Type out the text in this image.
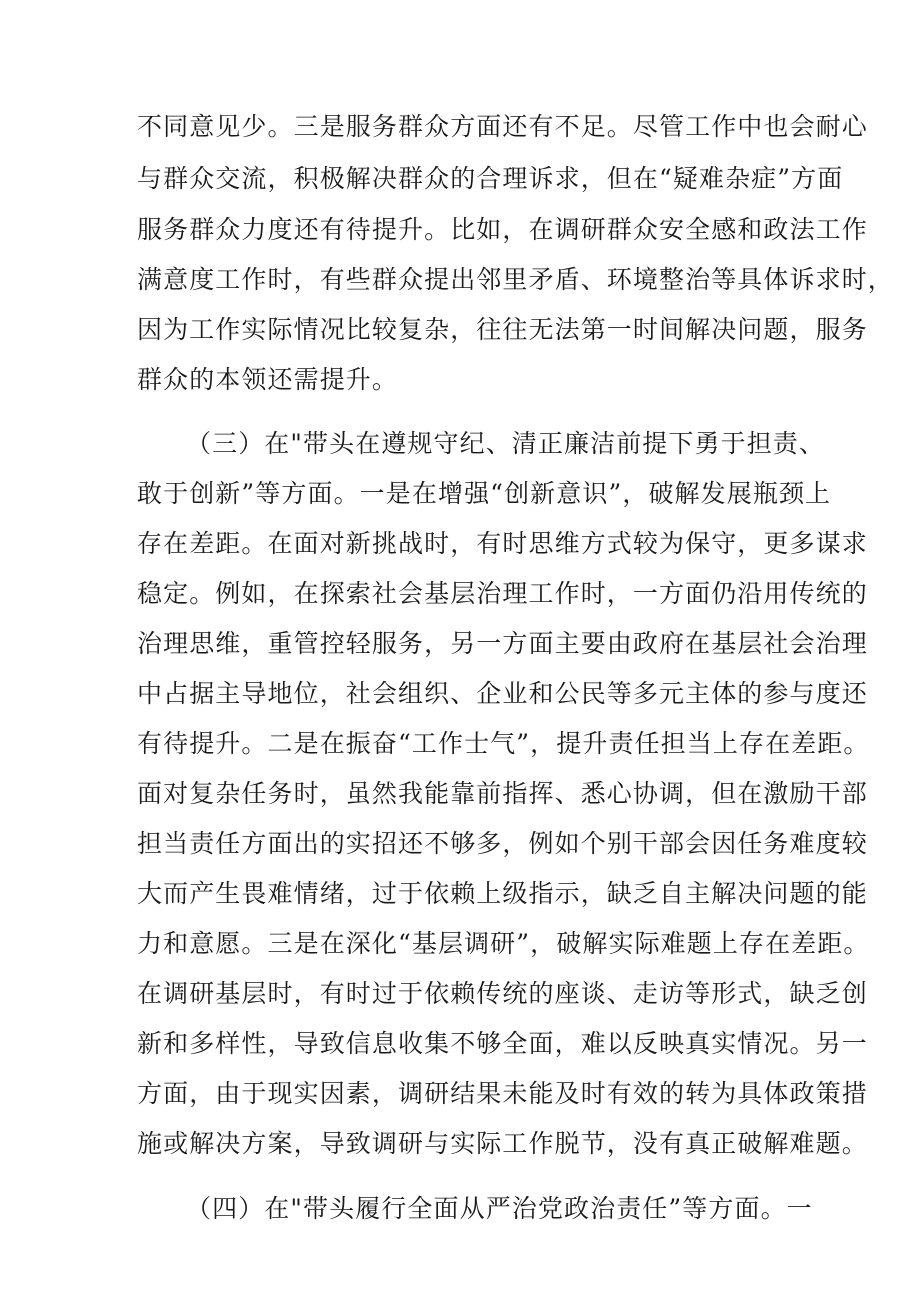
不同意见少。三是服务群众方面还有不足。尽管工作中也会耐心
与群众交流，积极解决群众的合理诉求，但在“疑难杂症”方面
服务群众力度还有待提升。比如，在调研群众安全感和政法工作
满意度工作时，有些群众提出邻里矛盾、环境整治等具体诉求时，
因为工作实际情况比较复杂，往往无法第一时间解决问题，服务
群众的本领还需提升。
（三）在"带头在遵规守纪、清正廉洁前提下勇于担责、
敢于创新”等方面。一是在增强“创新意识”，破解发展瓶颈上
存在差距。在面对新挑战时，有时思维方式较为保守，更多谋求
稳定。例如，在探索社会基层治理工作时，一方面仍沿用传统的
治理思维，重管控轻服务，另一方面主要由政府在基层社会治理
中占据主导地位，社会组织、企业和公民等多元主体的参与度还
有待提升。二是在振奋“工作士气”，提升责任担当上存在差距。
面对复杂任务时，虽然我能靠前指挥、悉心协调，但在激励干部
担当责任方面出的实招还不够多，例如个别干部会因任务难度较
大而产生畏难情绪，过于依赖上级指示，缺乏自主解决问题的能
力和意愿。三是在深化“基层调研”，破解实际难题上存在差距。
在调研基层时，有时过于依赖传统的座谈、走访等形式，缺乏创
新和多样性，导致信息收集不够全面，难以反映真实情况。另一
方面，由于现实因素，调研结果未能及时有效的转为具体政策措
施或解决方案，导致调研与实际工作脱节，没有真正破解难题。
（四）在"带头履行全面从严治党政治责任”等方面。一
